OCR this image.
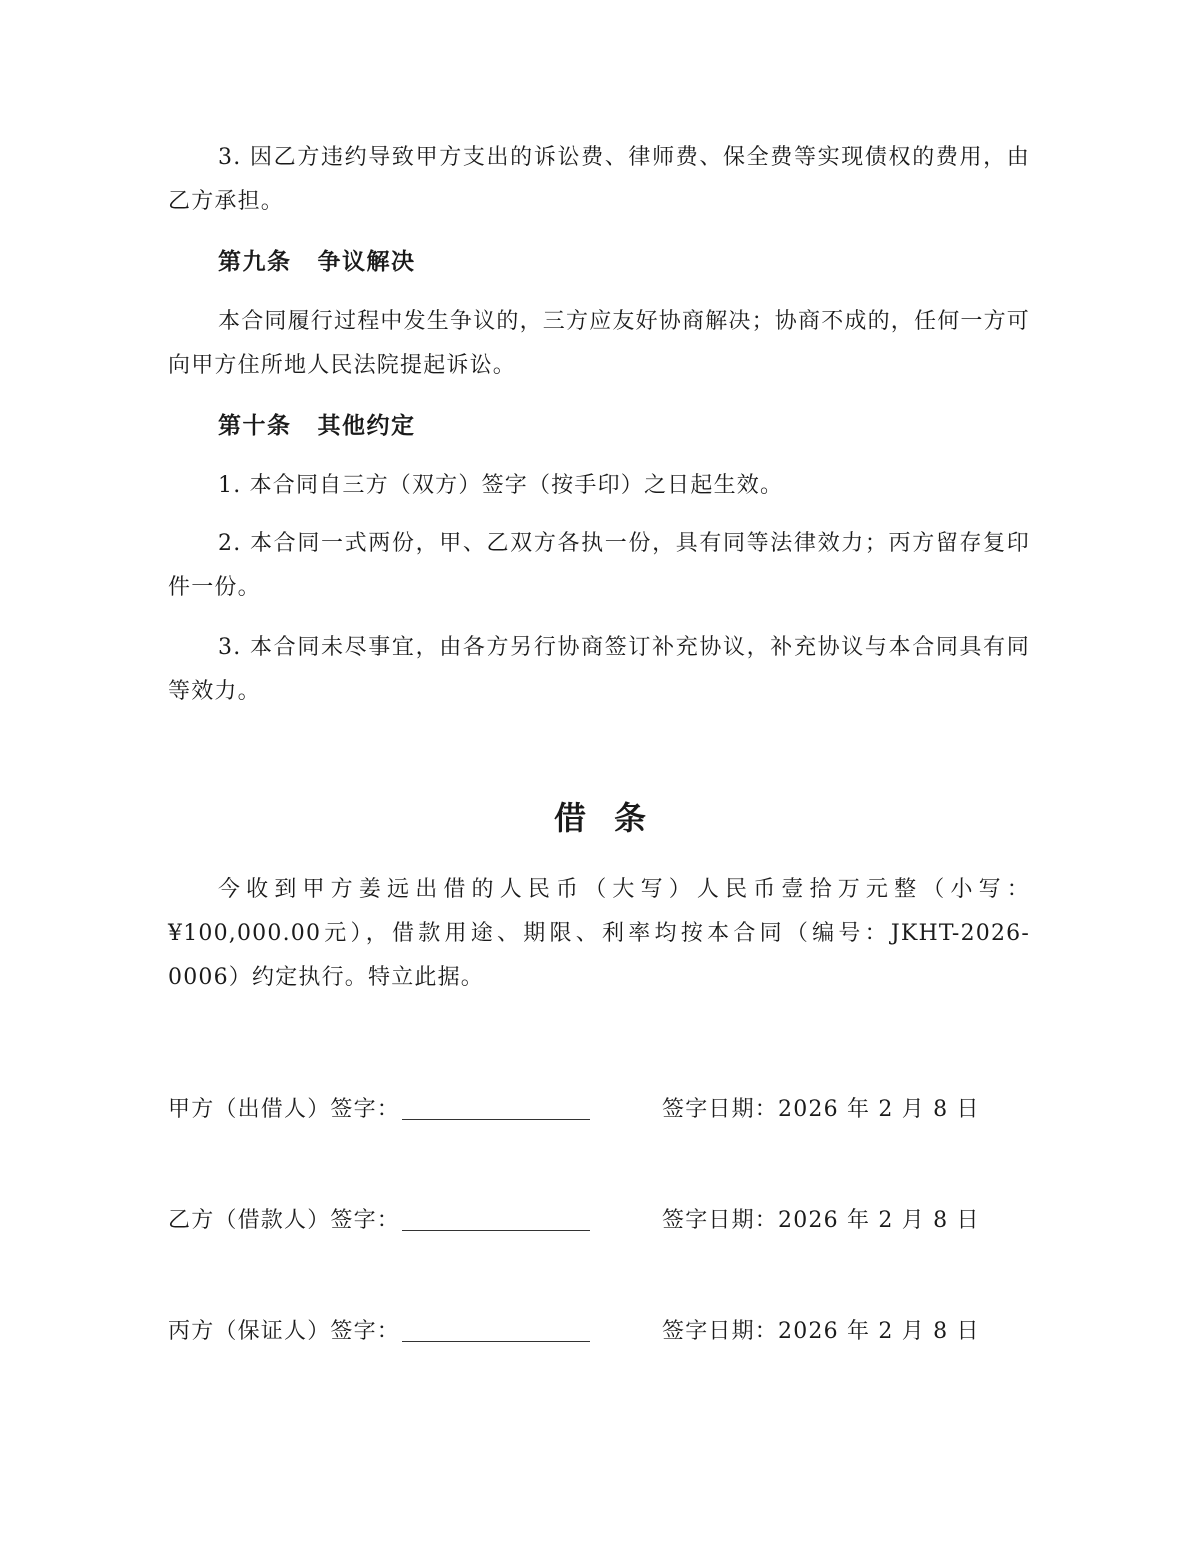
3. 因乙方违约导致甲方支出的诉讼费、律师费、保全费等实现债权的费用，由乙方承担。

第九条 争议解决

本合同履行过程中发生争议的，三方应友好协商解决；协商不成的，任何一方可向甲方住所地人民法院提起诉讼。

第十条 其他约定

1. 本合同自三方（双方）签字（按手印）之日起生效。

2. 本合同一式两份，甲、乙双方各执一份，具有同等法律效力；丙方留存复印件一份。

3. 本合同未尽事宜，由各方另行协商签订补充协议，补充协议与本合同具有同等效力。

借条

今收到甲方姜远出借的人民币（大写）人民币壹拾万元整（小写：¥100,000.00元），借款用途、期限、利率均按本合同（编号：JKHT-2026-0006）约定执行。特立此据。

甲方（出借人）签字：	签字日期：2026 年 2 月 8 日
乙方（借款人）签字：	签字日期：2026 年 2 月 8 日
丙方（保证人）签字：	签字日期：2026 年 2 月 8 日
